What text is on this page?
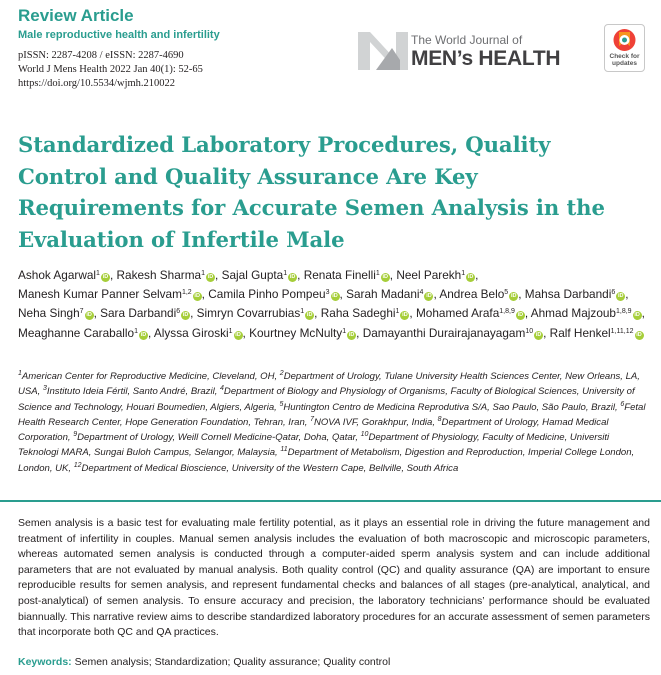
Review Article
Male reproductive health and infertility
pISSN: 2287-4208 / eISSN: 2287-4690
World J Mens Health 2022 Jan 40(1): 52-65
https://doi.org/10.5534/wjmh.210022
The World Journal of
MEN’s HEALTH	Check for updates
Standardized Laboratory Procedures, Quality Control and Quality Assurance Are Key Requirements for Accurate Semen Analysis in the Evaluation of Infertile Male
Ashok Agarwal$^1$ iD , Rakesh Sharma$^1$ iD , Sajal Gupta$^1$ iD , Renata Finelli$^1$ iD , Neel Parekh$^1$ iD , Manesh Kumar Panner Selvam$^{1,2}$ iD , Camila Pinho Pompeu$^3$ iD , Sarah Madani$^4$ iD , Andrea Belo$^5$ iD , Mahsa Darbandi$^6$ iD , Neha Singh$^7$ iD , Sara Darbandi$^6$ iD , Simryn Covarrubias$^1$ iD , Raha Sadeghi$^1$ iD , Mohamed Arafa$^{1,8,9}$ iD , Ahmad Majzoub$^{1,8,9}$ iD , Meaghanne Caraballo$^1$ iD , Alyssa Giroski$^1$ iD , Kourtney McNulty$^1$ iD , Damayanthi Durairajanayagam$^{10}$ iD , Ralf Henkel$^{1,11,12}$ iD
$^1$American Center for Reproductive Medicine, Cleveland, OH, $^2$Department of Urology, Tulane University Health Sciences Center, New Orleans, LA, USA, $^3$Instituto Ideia Fértil, Santo André, Brazil, $^4$Department of Biology and Physiology of Organisms, Faculty of Biological Sciences, University of Science and Technology, Houari Boumedien, Algiers, Algeria, $^5$Huntington Centro de Medicina Reprodutiva S/A, Sao Paulo, São Paulo, Brazil, $^6$Fetal Health Research Center, Hope Generation Foundation, Tehran, Iran, $^7$NOVA IVF, Gorakhpur, India, $^8$Department of Urology, Hamad Medical Corporation, $^9$Department of Urology, Weill Cornell Medicine-Qatar, Doha, Qatar, $^{10}$Department of Physiology, Faculty of Medicine, Universiti Teknologi MARA, Sungai Buloh Campus, Selangor, Malaysia, $^{11}$Department of Metabolism, Digestion and Reproduction, Imperial College London, London, UK, $^{12}$Department of Medical Bioscience, University of the Western Cape, Bellville, South Africa

Semen analysis is a basic test for evaluating male fertility potential, as it plays an essential role in driving the future management and treatment of infertility in couples. Manual semen analysis includes the evaluation of both macroscopic and microscopic parameters, whereas automated semen analysis is conducted through a computer-aided sperm analysis system and can include additional parameters that are not evaluated by manual analysis. Both quality control (QC) and quality assurance (QA) are important to ensure reproducible results for semen analysis, and represent fundamental checks and balances of all stages (pre-analytical, analytical, and post-analytical) of semen analysis. To ensure accuracy and precision, the laboratory technicians’ performance should be evaluated biannually. This narrative review aims to describe standardized laboratory procedures for an accurate assessment of semen parameters that incorporate both QC and QA practices.

Keywords: Semen analysis; Standardization; Quality assurance; Quality control
